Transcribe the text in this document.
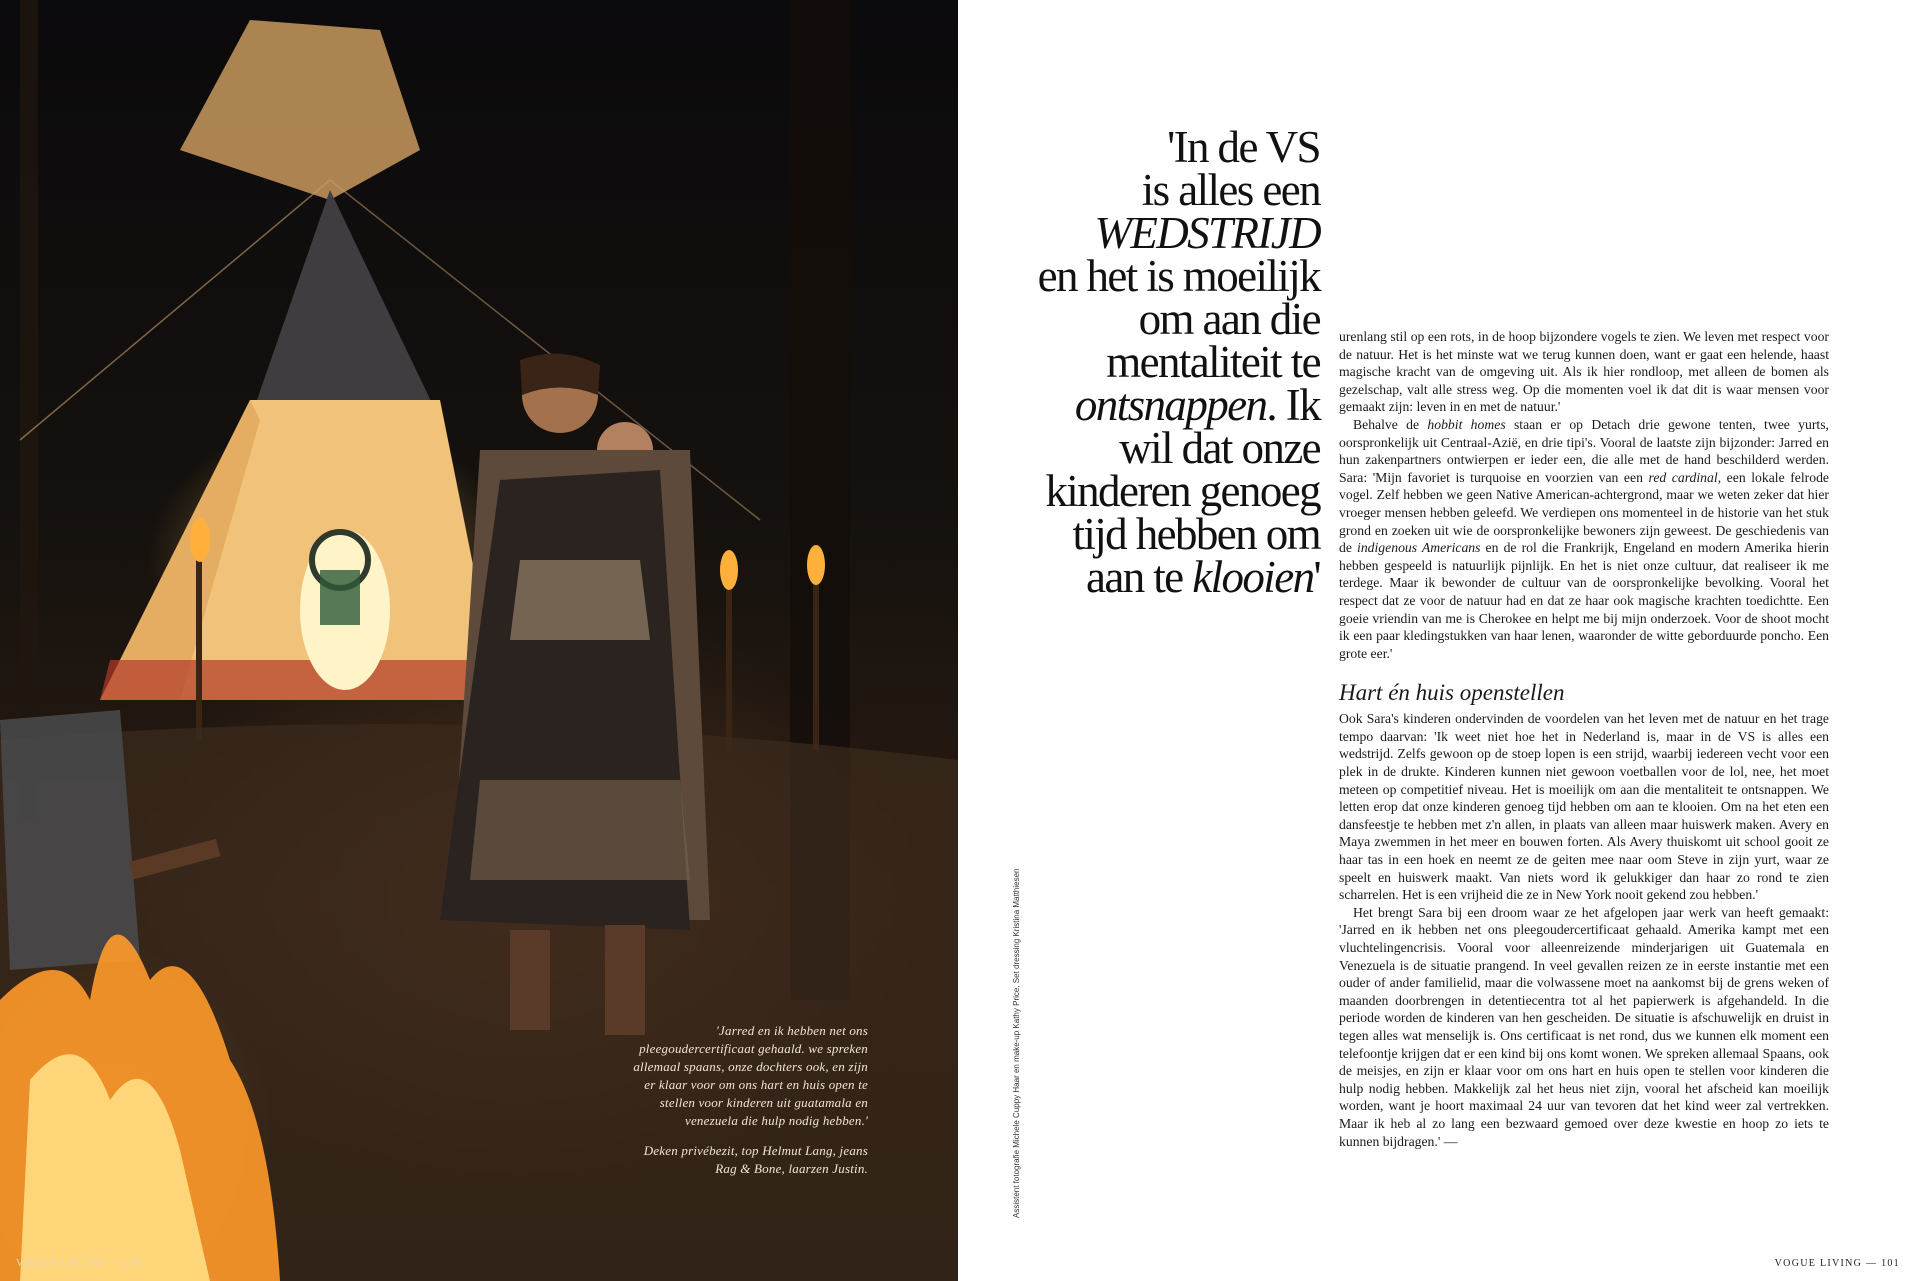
'Jarred en ik hebben net ons pleegoudercertificaat gehaald. we spreken allemaal spaans, onze dochters ook, en zijn er klaar voor om ons hart en huis open te stellen voor kinderen uit guatamala en venezuela die hulp nodig hebben.'

Deken privébezit, top Helmut Lang, jeans Rag & Bone, laarzen Justin.

VOGUE LIVING — 100
Assistent fotografie Michele Cuppy Haar en make-up Kathy Price, Set dressing Kristina Matthiesen
'In de VS
is alles een
WEDSTRIJD
en het is moeilijk
om aan die
mentaliteit te
ontsnappen. Ik
wil dat onze
kinderen genoeg
tijd hebben om
aan te klooien'

urenlang stil op een rots, in de hoop bijzondere vogels te zien. We leven met respect voor de natuur. Het is het minste wat we terug kunnen doen, want er gaat een helende, haast magische kracht van de omgeving uit. Als ik hier rondloop, met alleen de bomen als gezelschap, valt alle stress weg. Op die momenten voel ik dat dit is waar mensen voor gemaakt zijn: leven in en met de natuur.'

Behalve de hobbit homes staan er op Detach drie gewone tenten, twee yurts, oorspronkelijk uit Centraal-Azië, en drie tipi's. Vooral de laatste zijn bijzonder: Jarred en hun zakenpartners ontwierpen er ieder een, die alle met de hand beschilderd werden. Sara: 'Mijn favoriet is turquoise en voorzien van een red cardinal, een lokale felrode vogel. Zelf hebben we geen Native American-achtergrond, maar we weten zeker dat hier vroeger mensen hebben geleefd. We verdiepen ons momenteel in de historie van het stuk grond en zoeken uit wie de oorspronkelijke bewoners zijn geweest. De geschiedenis van de indigenous Americans en de rol die Frankrijk, Engeland en modern Amerika hierin hebben gespeeld is natuurlijk pijnlijk. En het is niet onze cultuur, dat realiseer ik me terdege. Maar ik bewonder de cultuur van de oorspronkelijke bevolking. Vooral het respect dat ze voor de natuur had en dat ze haar ook magische krachten toedichtte. Een goeie vriendin van me is Cherokee en helpt me bij mijn onderzoek. Voor de shoot mocht ik een paar kledingstukken van haar lenen, waaronder de witte geborduurde poncho. Een grote eer.'

Hart én huis openstellen

Ook Sara's kinderen ondervinden de voordelen van het leven met de natuur en het trage tempo daarvan: 'Ik weet niet hoe het in Nederland is, maar in de VS is alles een wedstrijd. Zelfs gewoon op de stoep lopen is een strijd, waarbij iedereen vecht voor een plek in de drukte. Kinderen kunnen niet gewoon voetballen voor de lol, nee, het moet meteen op competitief niveau. Het is moeilijk om aan die mentaliteit te ontsnappen. We letten erop dat onze kinderen genoeg tijd hebben om aan te klooien. Om na het eten een dansfeestje te hebben met z'n allen, in plaats van alleen maar huiswerk maken. Avery en Maya zwemmen in het meer en bouwen forten. Als Avery thuiskomt uit school gooit ze haar tas in een hoek en neemt ze de geiten mee naar oom Steve in zijn yurt, waar ze speelt en huiswerk maakt. Van niets word ik gelukkiger dan haar zo rond te zien scharrelen. Het is een vrijheid die ze in New York nooit gekend zou hebben.'

Het brengt Sara bij een droom waar ze het afgelopen jaar werk van heeft gemaakt: 'Jarred en ik hebben net ons pleegoudercertificaat gehaald. Amerika kampt met een vluchtelingencrisis. Vooral voor alleenreizende minderjarigen uit Guatemala en Venezuela is de situatie prangend. In veel gevallen reizen ze in eerste instantie met een ouder of ander familielid, maar die volwassene moet na aankomst bij de grens weken of maanden doorbrengen in detentiecentra tot al het papierwerk is afgehandeld. In die periode worden de kinderen van hen gescheiden. De situatie is afschuwelijk en druist in tegen alles wat menselijk is. Ons certificaat is net rond, dus we kunnen elk moment een telefoontje krijgen dat er een kind bij ons komt wonen. We spreken allemaal Spaans, ook de meisjes, en zijn er klaar voor om ons hart en huis open te stellen voor kinderen die hulp nodig hebben. Makkelijk zal het heus niet zijn, vooral het afscheid kan moeilijk worden, want je hoort maximaal 24 uur van tevoren dat het kind weer zal vertrekken. Maar ik heb al zo lang een bezwaard gemoed over deze kwestie en hoop zo iets te kunnen bijdragen.' —

VOGUE LIVING — 101
